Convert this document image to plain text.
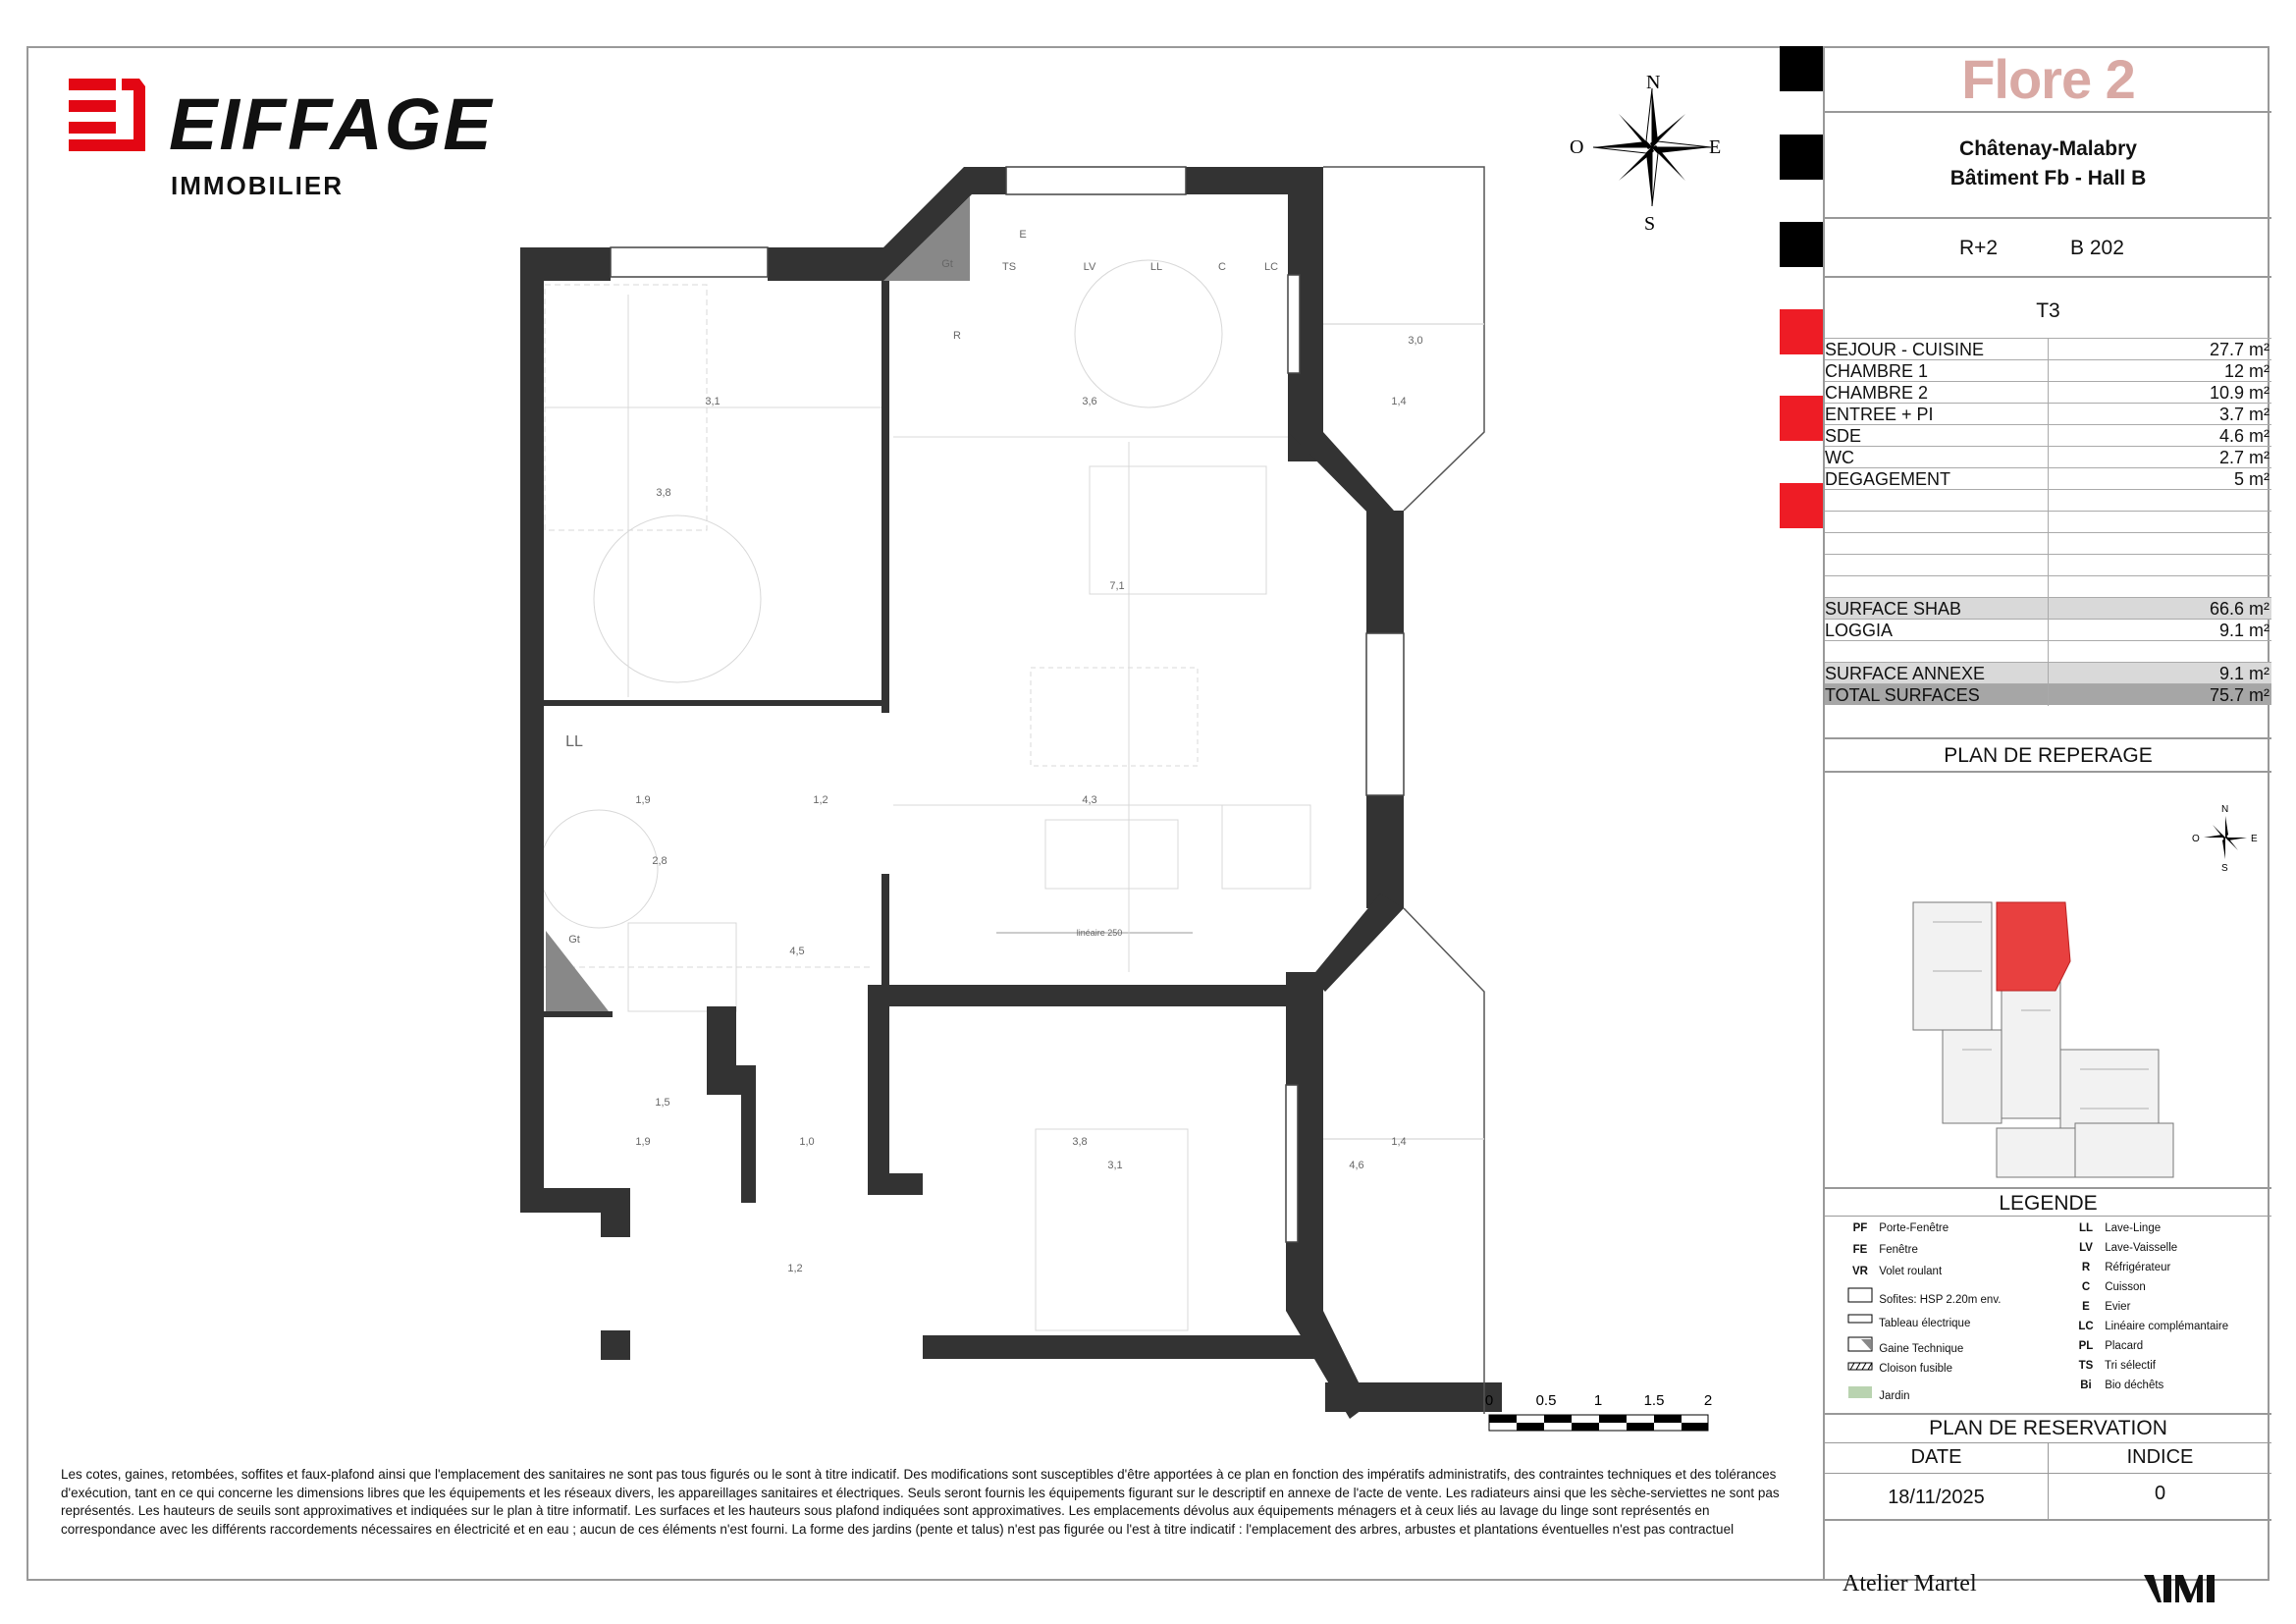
EIFFAGE
IMMOBILIER
N
O	E
S
TS	LV	LL	C	LC
E
R
Gt
Gt
LL
3,1
3,8
3,6
7,1
1,4
3,0
1,9
2,8
1,2	4,3
4,5
1,5
1,9	1,0	3,8
3,1
1,4
4,6
1,2
linéaire 250
0	0.5	1	1.5	2
Les cotes, gaines, retombées, soffites et faux-plafond ainsi que l'emplacement des sanitaires ne sont pas tous figurés ou le sont à titre indicatif. Des modifications sont susceptibles d'être apportées à ce plan en fonction des impératifs administratifs, des contraintes techniques et des tolérances d'exécution, tant en ce qui concerne les dimensions libres que les équipements et les réseaux divers, les appareillages sanitaires et électriques. Seuls seront fournis les équipements figurant sur le descriptif en annexe de l'acte de vente. Les radiateurs ainsi que les sèche-serviettes ne sont pas représentés. Les hauteurs de seuils sont approximatives et indiquées sur le plan à titre informatif. Les surfaces et les hauteurs sous plafond indiquées sont approximatives. Les emplacements dévolus aux équipements ménagers et à ceux liés au lavage du linge sont représentés en correspondance avec les différents raccordements nécessaires en électricité et en eau ; aucun de ces éléments n'est fourni. La forme des jardins (pente et talus) n'est pas figurée ou l'est à titre indicatif : l'emplacement des arbres, arbustes et plantations éventuelles n'est pas contractuel
Flore 2
Châtenay-Malabry
Bâtiment Fb - Hall B
R+2	B 202
T3
SEJOUR - CUISINE	27.7 m²
CHAMBRE 1	12 m²
CHAMBRE 2	10.9 m²
ENTREE + PI	3.7 m²
SDE	4.6 m²
WC	2.7 m²
DEGAGEMENT	5 m²
SURFACE SHAB	66.6 m²
LOGGIA	9.1 m²
SURFACE ANNEXE	9.1 m²
TOTAL SURFACES	75.7 m²
PLAN DE REPERAGE
N
O	E
S
LEGENDE
PF Porte-Fenêtre
FE Fenêtre
VR Volet roulant
Sofites: HSP 2.20m env.
Tableau électrique
Gaine Technique
Cloison fusible
Jardin
LL Lave-Linge
LV Lave-Vaisselle
R Réfrigérateur
C Cuisson
E Evier
LC Linéaire complémantaire
PL Placard
TS Tri sélectif
Bi Bio déchêts
PLAN DE RESERVATION
DATE	INDICE
18/11/2025	0
Atelier Martel
